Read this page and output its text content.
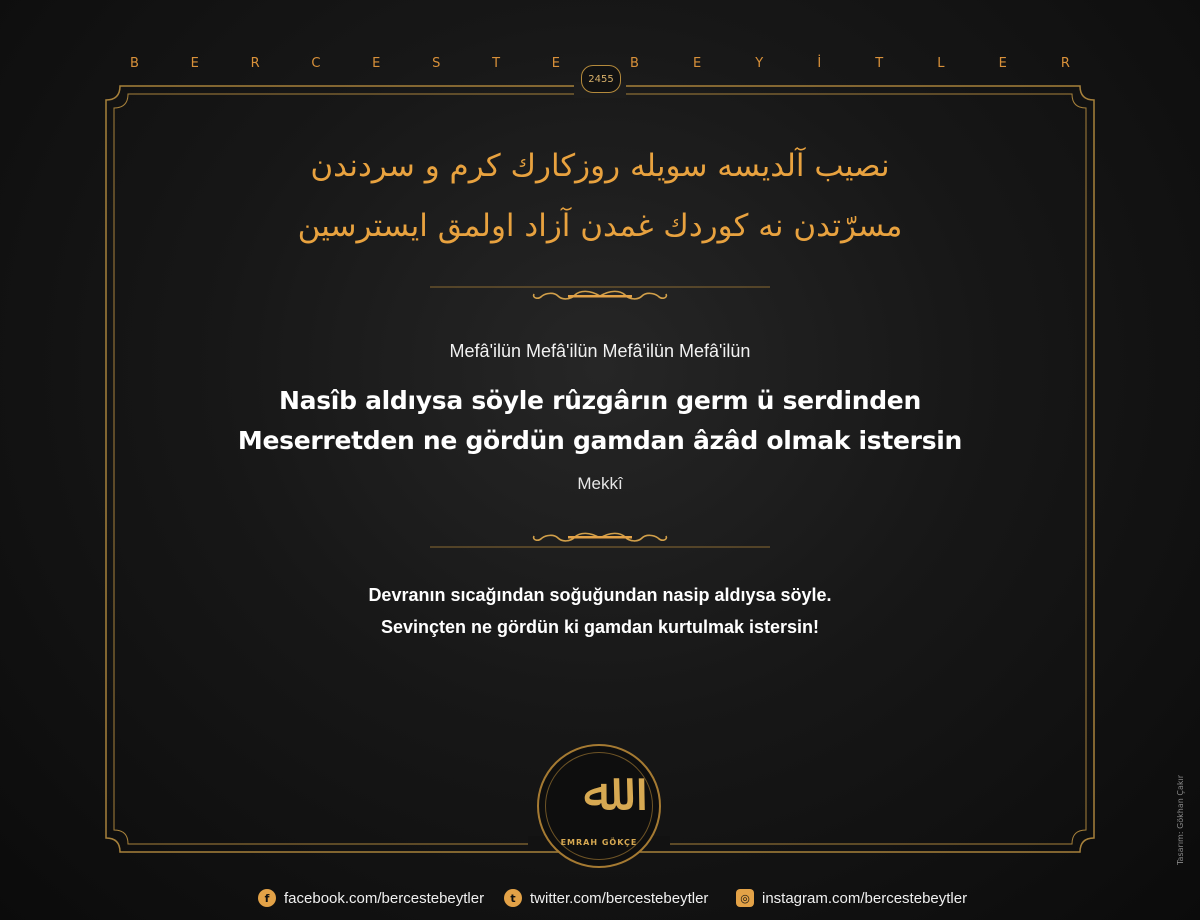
B	E	R	C	E	S	T	E	B	E	Y	İ	T	L	E	R
2455
نصيب آلديسه سويله روزكارك كرم و سردندن
مسرّتدن نه كوردك غمدن آزاد اولمق ايسترسين
Mefâ'ilün Mefâ'ilün Mefâ'ilün Mefâ'ilün
Nasîb aldıysa söyle rûzgârın germ ü serdinden
Meserretden ne gördün gamdan âzâd olmak istersin
Mekkî
Devranın sıcağından soğuğundan nasip aldıysa söyle.
Sevinçten ne gördün ki gamdan kurtulmak istersin!
ﷲ
EMRAH GÖKÇE
f facebook.com/bercestebeytler	t twitter.com/bercestebeytler	◎ instagram.com/bercestebeytler
Tasarım: Gökhan Çakır
